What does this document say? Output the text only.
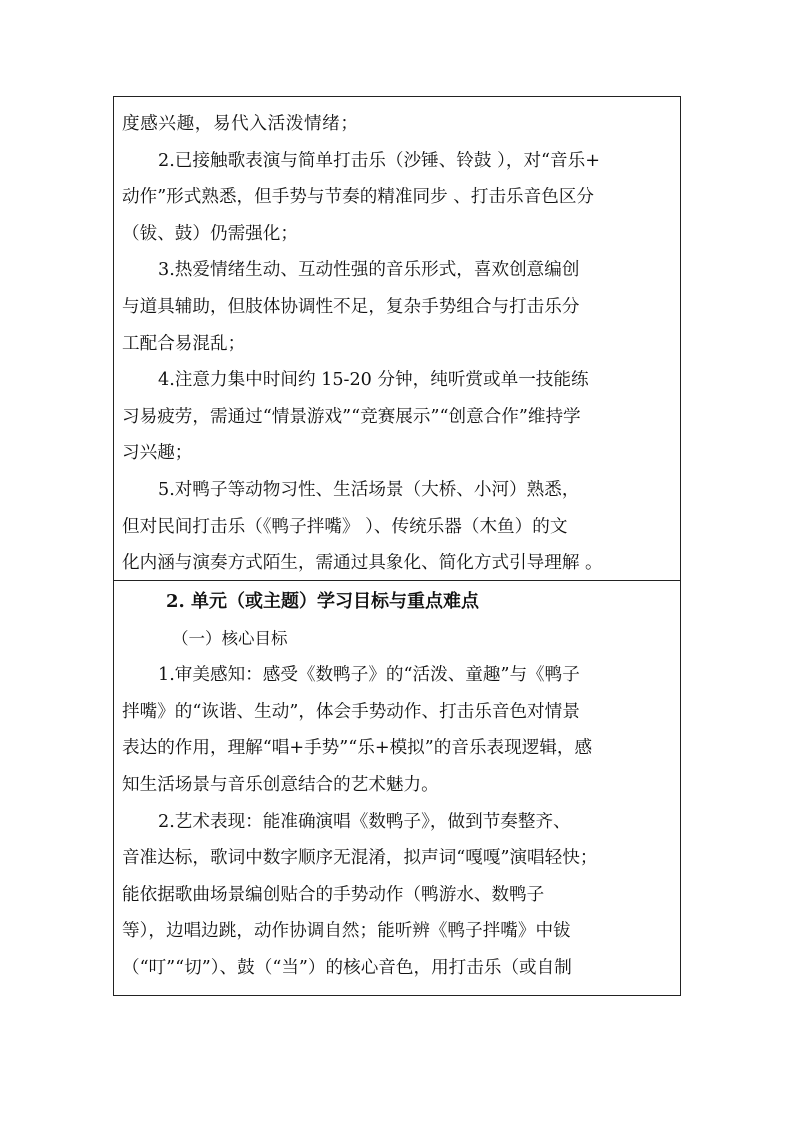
度感兴趣，易代入活泼情绪；
2.已接触歌表演与简单打击乐（沙锤、铃鼓 ），对“音乐+
动作”形式熟悉，但手势与节奏的精准同步 、打击乐音色区分
（钹、鼓）仍需强化；
3.热爱情绪生动、互动性强的音乐形式，喜欢创意编创
与道具辅助，但肢体协调性不足，复杂手势组合与打击乐分
工配合易混乱；
4.注意力集中时间约 15-20 分钟，纯听赏或单一技能练
习易疲劳，需通过“情景游戏”“竞赛展示”“创意合作”维持学
习兴趣；
5.对鸭子等动物习性、生活场景（大桥、小河）熟悉，
但对民间打击乐（《鸭子拌嘴》 ）、传统乐器（木鱼）的文
化内涵与演奏方式陌生，需通过具象化、简化方式引导理解 。
2. 单元（或主题）学习目标与重点难点
（一）核心目标
1.审美感知：感受《数鸭子》的“活泼、童趣”与《鸭子
拌嘴》的“诙谐、生动”，体会手势动作、打击乐音色对情景
表达的作用，理解“唱+手势”“乐+模拟”的音乐表现逻辑，感
知生活场景与音乐创意结合的艺术魅力。
2.艺术表现：能准确演唱《数鸭子》，做到节奏整齐、
音准达标，歌词中数字顺序无混淆，拟声词“嘎嘎”演唱轻快；
能依据歌曲场景编创贴合的手势动作（鸭游水、数鸭子
等），边唱边跳，动作协调自然；能听辨《鸭子拌嘴》中钹
（“叮”“切”）、鼓（“当”）的核心音色，用打击乐（或自制
